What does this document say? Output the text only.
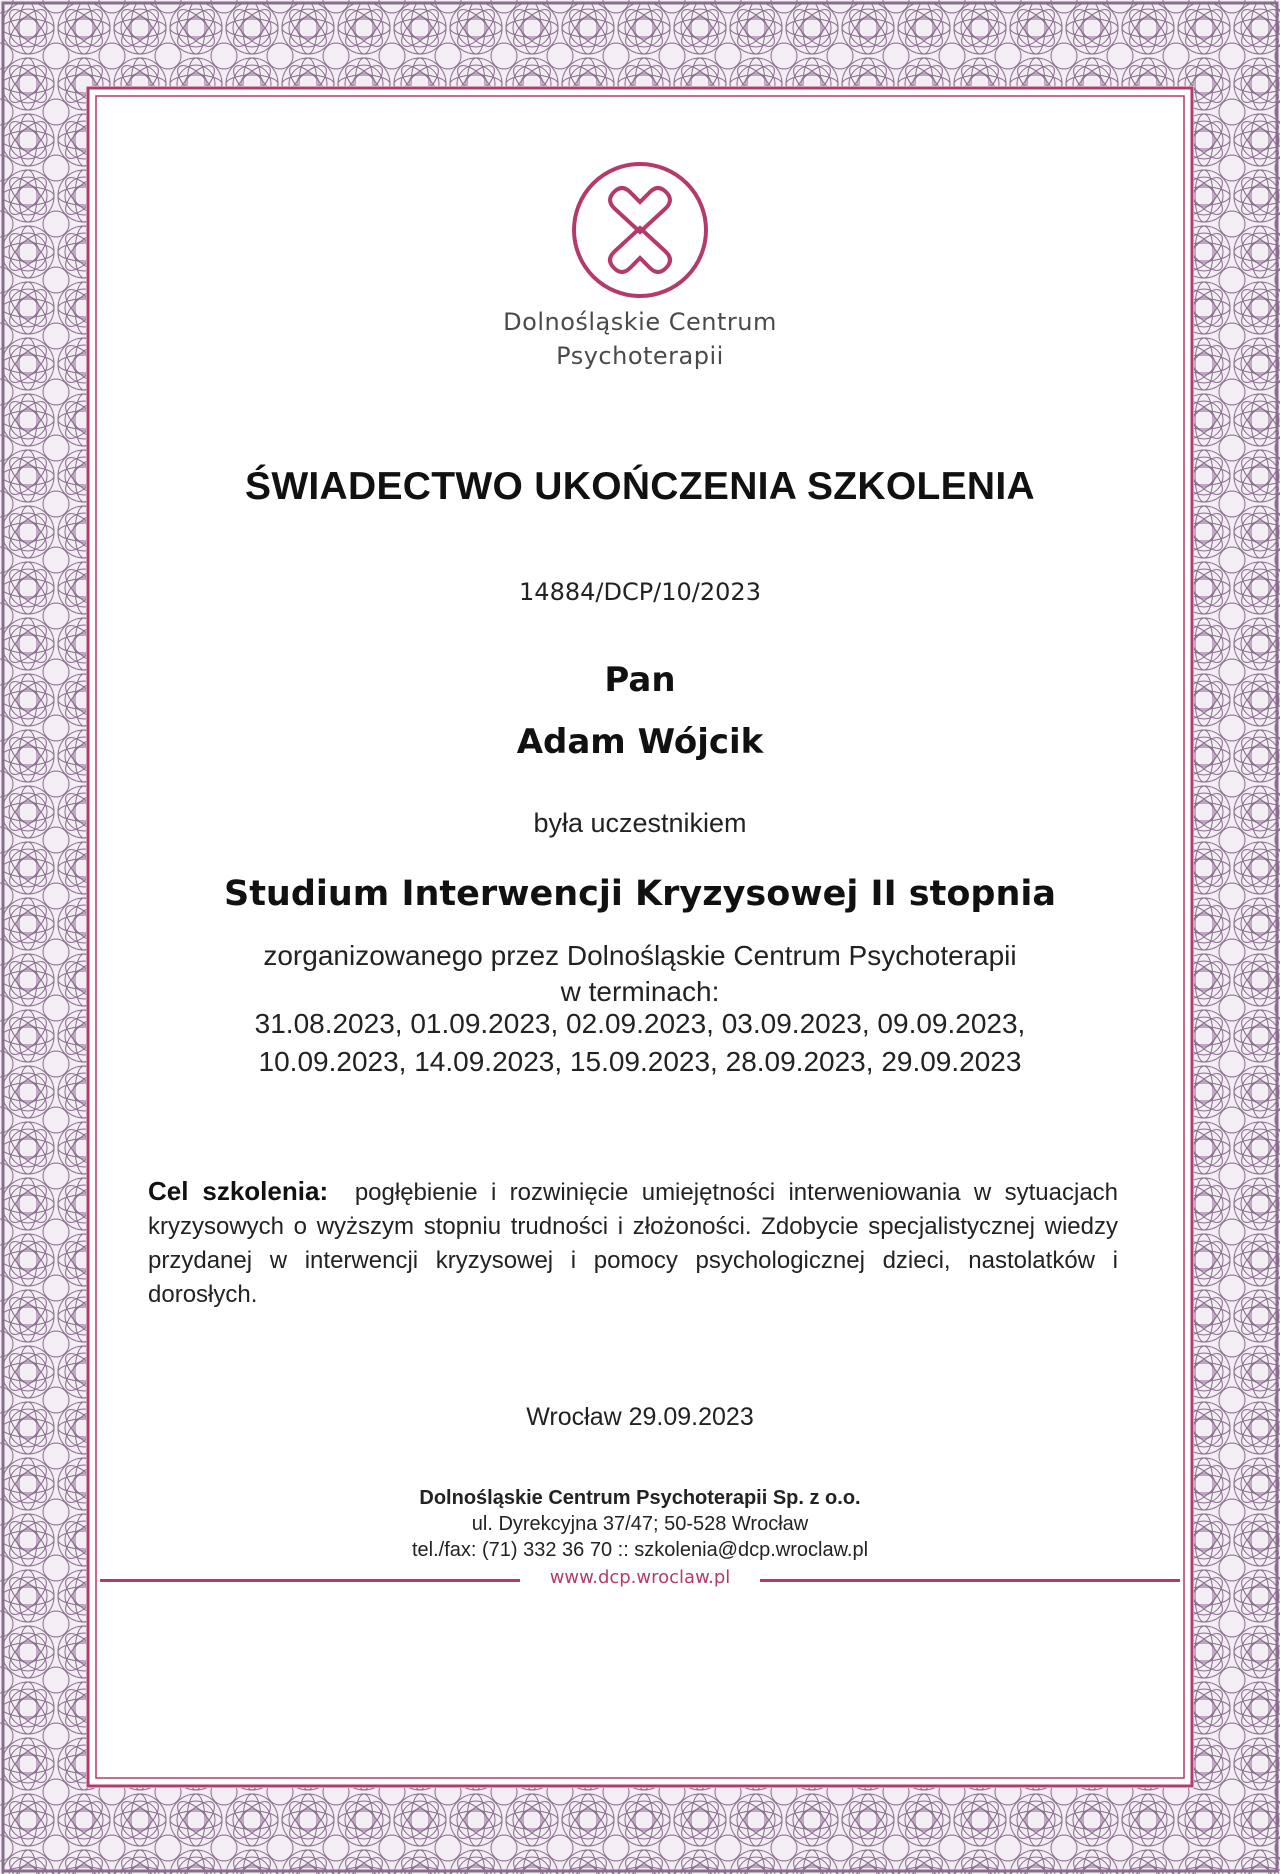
Dolnośląskie Centrum
Psychoterapii
ŚWIADECTWO UKOŃCZENIA SZKOLENIA
14884/DCP/10/2023
Pan
Adam Wójcik
była uczestnikiem
Studium Interwencji Kryzysowej II stopnia
zorganizowanego przez Dolnośląskie Centrum Psychoterapii
w terminach:
31.08.2023, 01.09.2023, 02.09.2023, 03.09.2023, 09.09.2023,
10.09.2023, 14.09.2023, 15.09.2023, 28.09.2023, 29.09.2023
Cel szkolenia: pogłębienie i rozwinięcie umiejętności interweniowania w sytuacjach kryzysowych o wyższym stopniu trudności i złożoności. Zdobycie specjalistycznej wiedzy przydanej w interwencji kryzysowej i pomocy psychologicznej dzieci, nastolatków i dorosłych.
Wrocław 29.09.2023
Dolnośląskie Centrum Psychoterapii Sp. z o.o.
ul. Dyrekcyjna 37/47; 50-528 Wrocław
tel./fax: (71) 332 36 70 :: szkolenia@dcp.wroclaw.pl
www.dcp.wroclaw.pl
